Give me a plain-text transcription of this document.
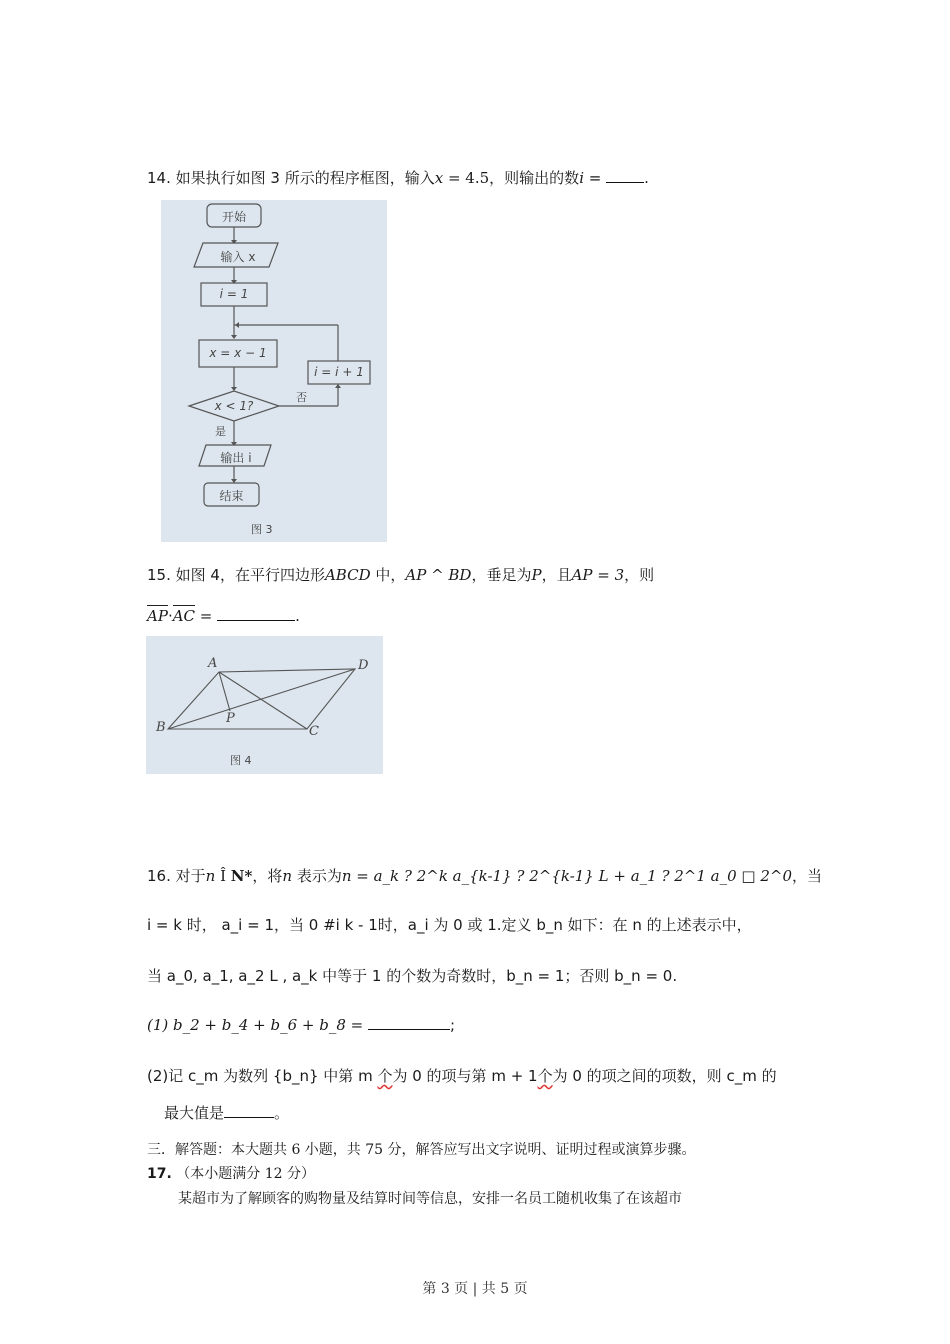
14. 如果执行如图 3 所示的程序框图，输入x = 4.5，则输出的数i =	.
开始
输入 x
i = 1
x = x − 1
i = i + 1
x < 1?
否
是
输出 i
结束
图 3
15. 如图 4，在平行四边形ABCD 中，AP ^ BD，垂足为P，且AP = 3，则
AP·AC =	.
A	D
B	C
P
图 4
16. 对于n Î N*，将n 表示为n = a_k ? 2^k a_{k-1} ? 2^{k-1} L + a_1 ? 2^1 a_0 □ 2^0，当
i = k 时， a_i = 1，当 0 #i k - 1时，a_i 为 0 或 1.定义 b_n 如下：在 n 的上述表示中，
当 a_0, a_1, a_2 L , a_k 中等于 1 的个数为奇数时，b_n = 1；否则 b_n = 0.
(1) b_2 + b_4 + b_6 + b_8 =	;
(2)记 c_m 为数列 {b_n} 中第 m 个为 0 的项与第 m + 1个为 0 的项之间的项数，则 c_m 的
最大值是	。
三．解答题：本大题共 6 小题，共 75 分，解答应写出文字说明、证明过程或演算步骤。
17. （本小题满分 12 分）
某超市为了解顾客的购物量及结算时间等信息，安排一名员工随机收集了在该超市
第 3 页 | 共 5 页
